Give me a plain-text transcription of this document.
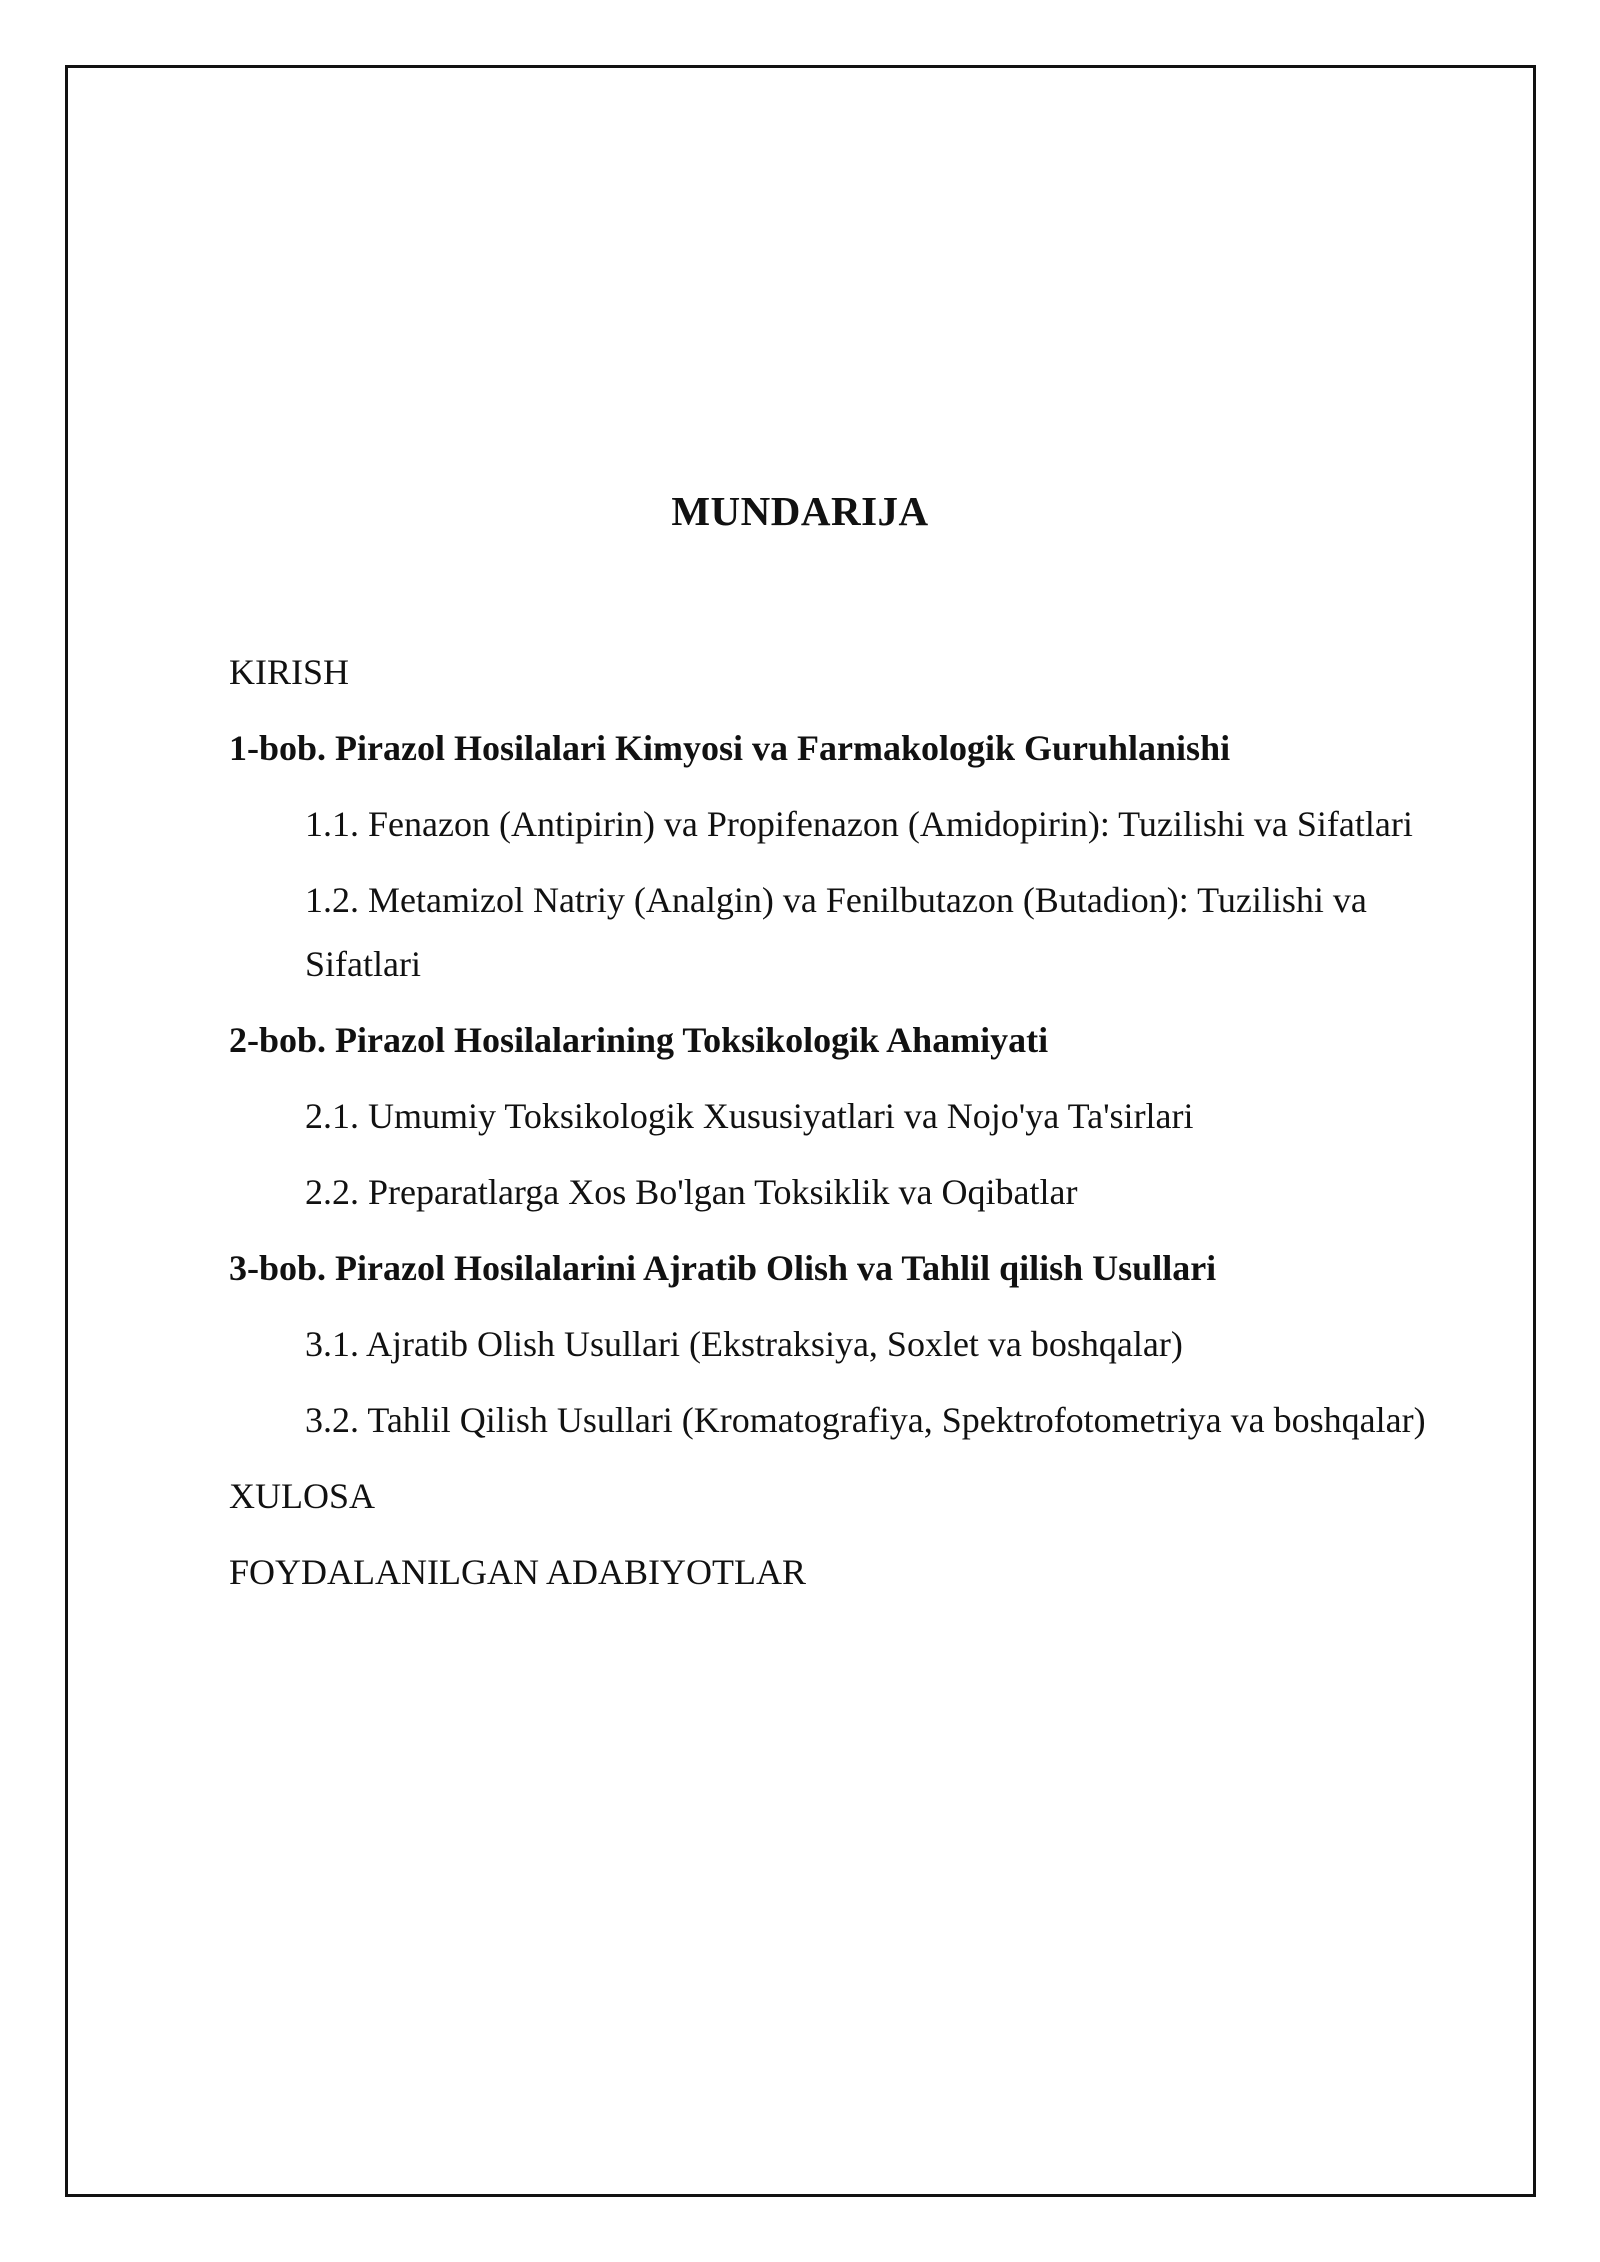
MUNDARIJA
KIRISH
1-bob. Pirazol Hosilalari Kimyosi va Farmakologik Guruhlanishi
1.1. Fenazon (Antipirin) va Propifenazon (Amidopirin): Tuzilishi va Sifatlari
1.2. Metamizol Natriy (Analgin) va Fenilbutazon (Butadion): Tuzilishi va Sifatlari
2-bob. Pirazol Hosilalarining Toksikologik Ahamiyati
2.1. Umumiy Toksikologik Xususiyatlari va Nojo'ya Ta'sirlari
2.2. Preparatlarga Xos Bo'lgan Toksiklik va Oqibatlar
3-bob. Pirazol Hosilalarini Ajratib Olish va Tahlil qilish Usullari
3.1. Ajratib Olish Usullari (Ekstraksiya, Soxlet va boshqalar)
3.2. Tahlil Qilish Usullari (Kromatografiya, Spektrofotometriya va boshqalar)
XULOSA
FOYDALANILGAN ADABIYOTLAR
